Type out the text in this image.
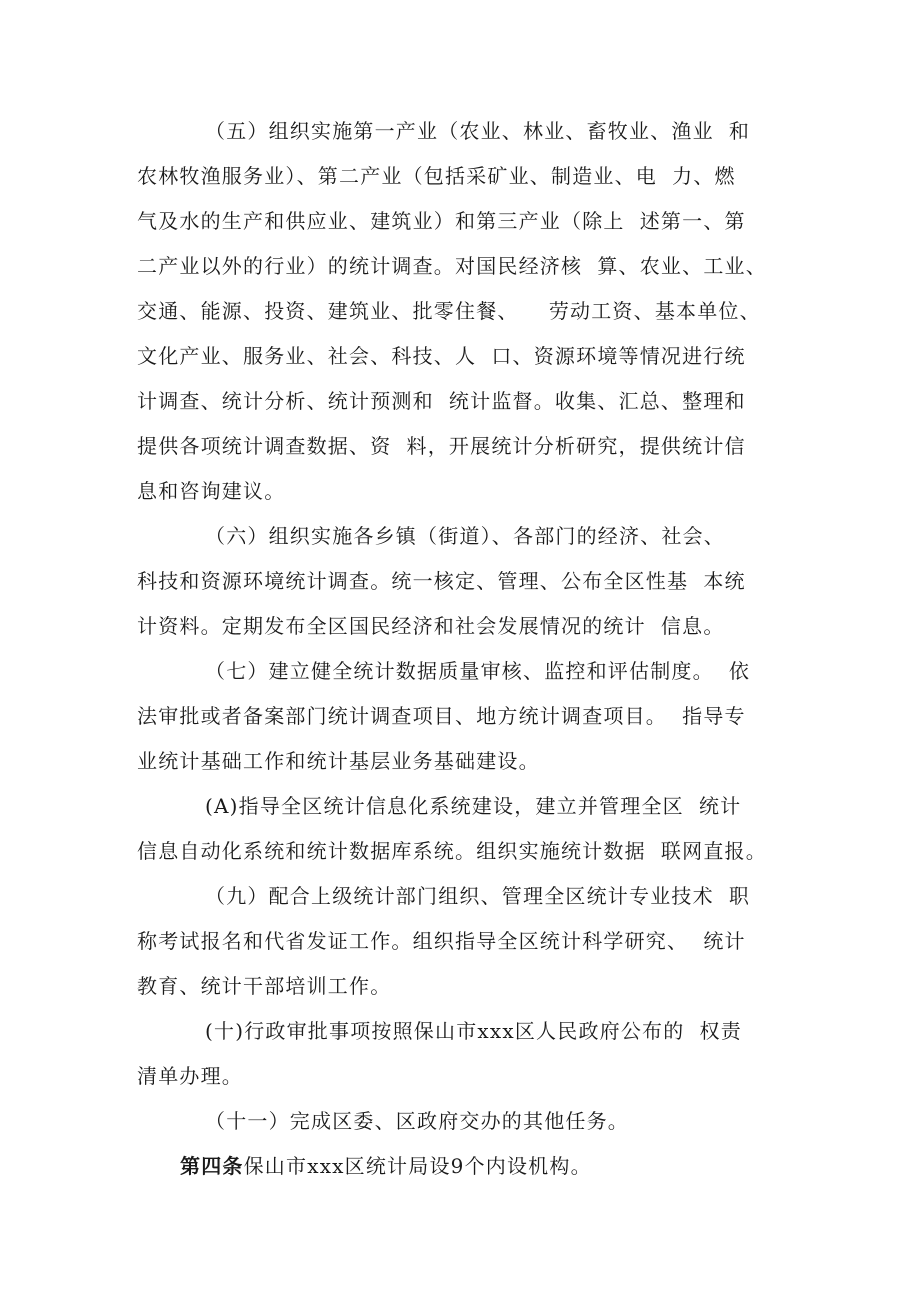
（五）组织实施第一产业（农业、林业、畜牧业、渔业  和
农林牧渔服务业）、第二产业（包括采矿业、制造业、电  力、燃
气及水的生产和供应业、建筑业）和第三产业（除上  述第一、第
二产业以外的行业）的统计调查。对国民经济核  算、农业、工业、
交通、能源、投资、建筑业、批零住餐、    劳动工资、基本单位、
文化产业、服务业、社会、科技、人  口、资源环境等情况进行统
计调查、统计分析、统计预测和  统计监督。收集、汇总、整理和
提供各项统计调查数据、资  料，开展统计分析研究，提供统计信
息和咨询建议。
（六）组织实施各乡镇（街道）、各部门的经济、社会、
科技和资源环境统计调查。统一核定、管理、公布全区性基  本统
计资料。定期发布全区国民经济和社会发展情况的统计  信息。
（七）建立健全统计数据质量审核、监控和评估制度。  依
法审批或者备案部门统计调查项目、地方统计调查项目。  指导专
业统计基础工作和统计基层业务基础建设。
(A)指导全区统计信息化系统建设，建立并管理全区  统计
信息自动化系统和统计数据库系统。组织实施统计数据  联网直报。
（九）配合上级统计部门组织、管理全区统计专业技术  职
称考试报名和代省发证工作。组织指导全区统计科学研究、  统计
教育、统计干部培训工作。
(十)行政审批事项按照保山市xxx区人民政府公布的  权责
清单办理。
（十一）完成区委、区政府交办的其他任务。
第四条保山市xxx区统计局设9个内设机构。
